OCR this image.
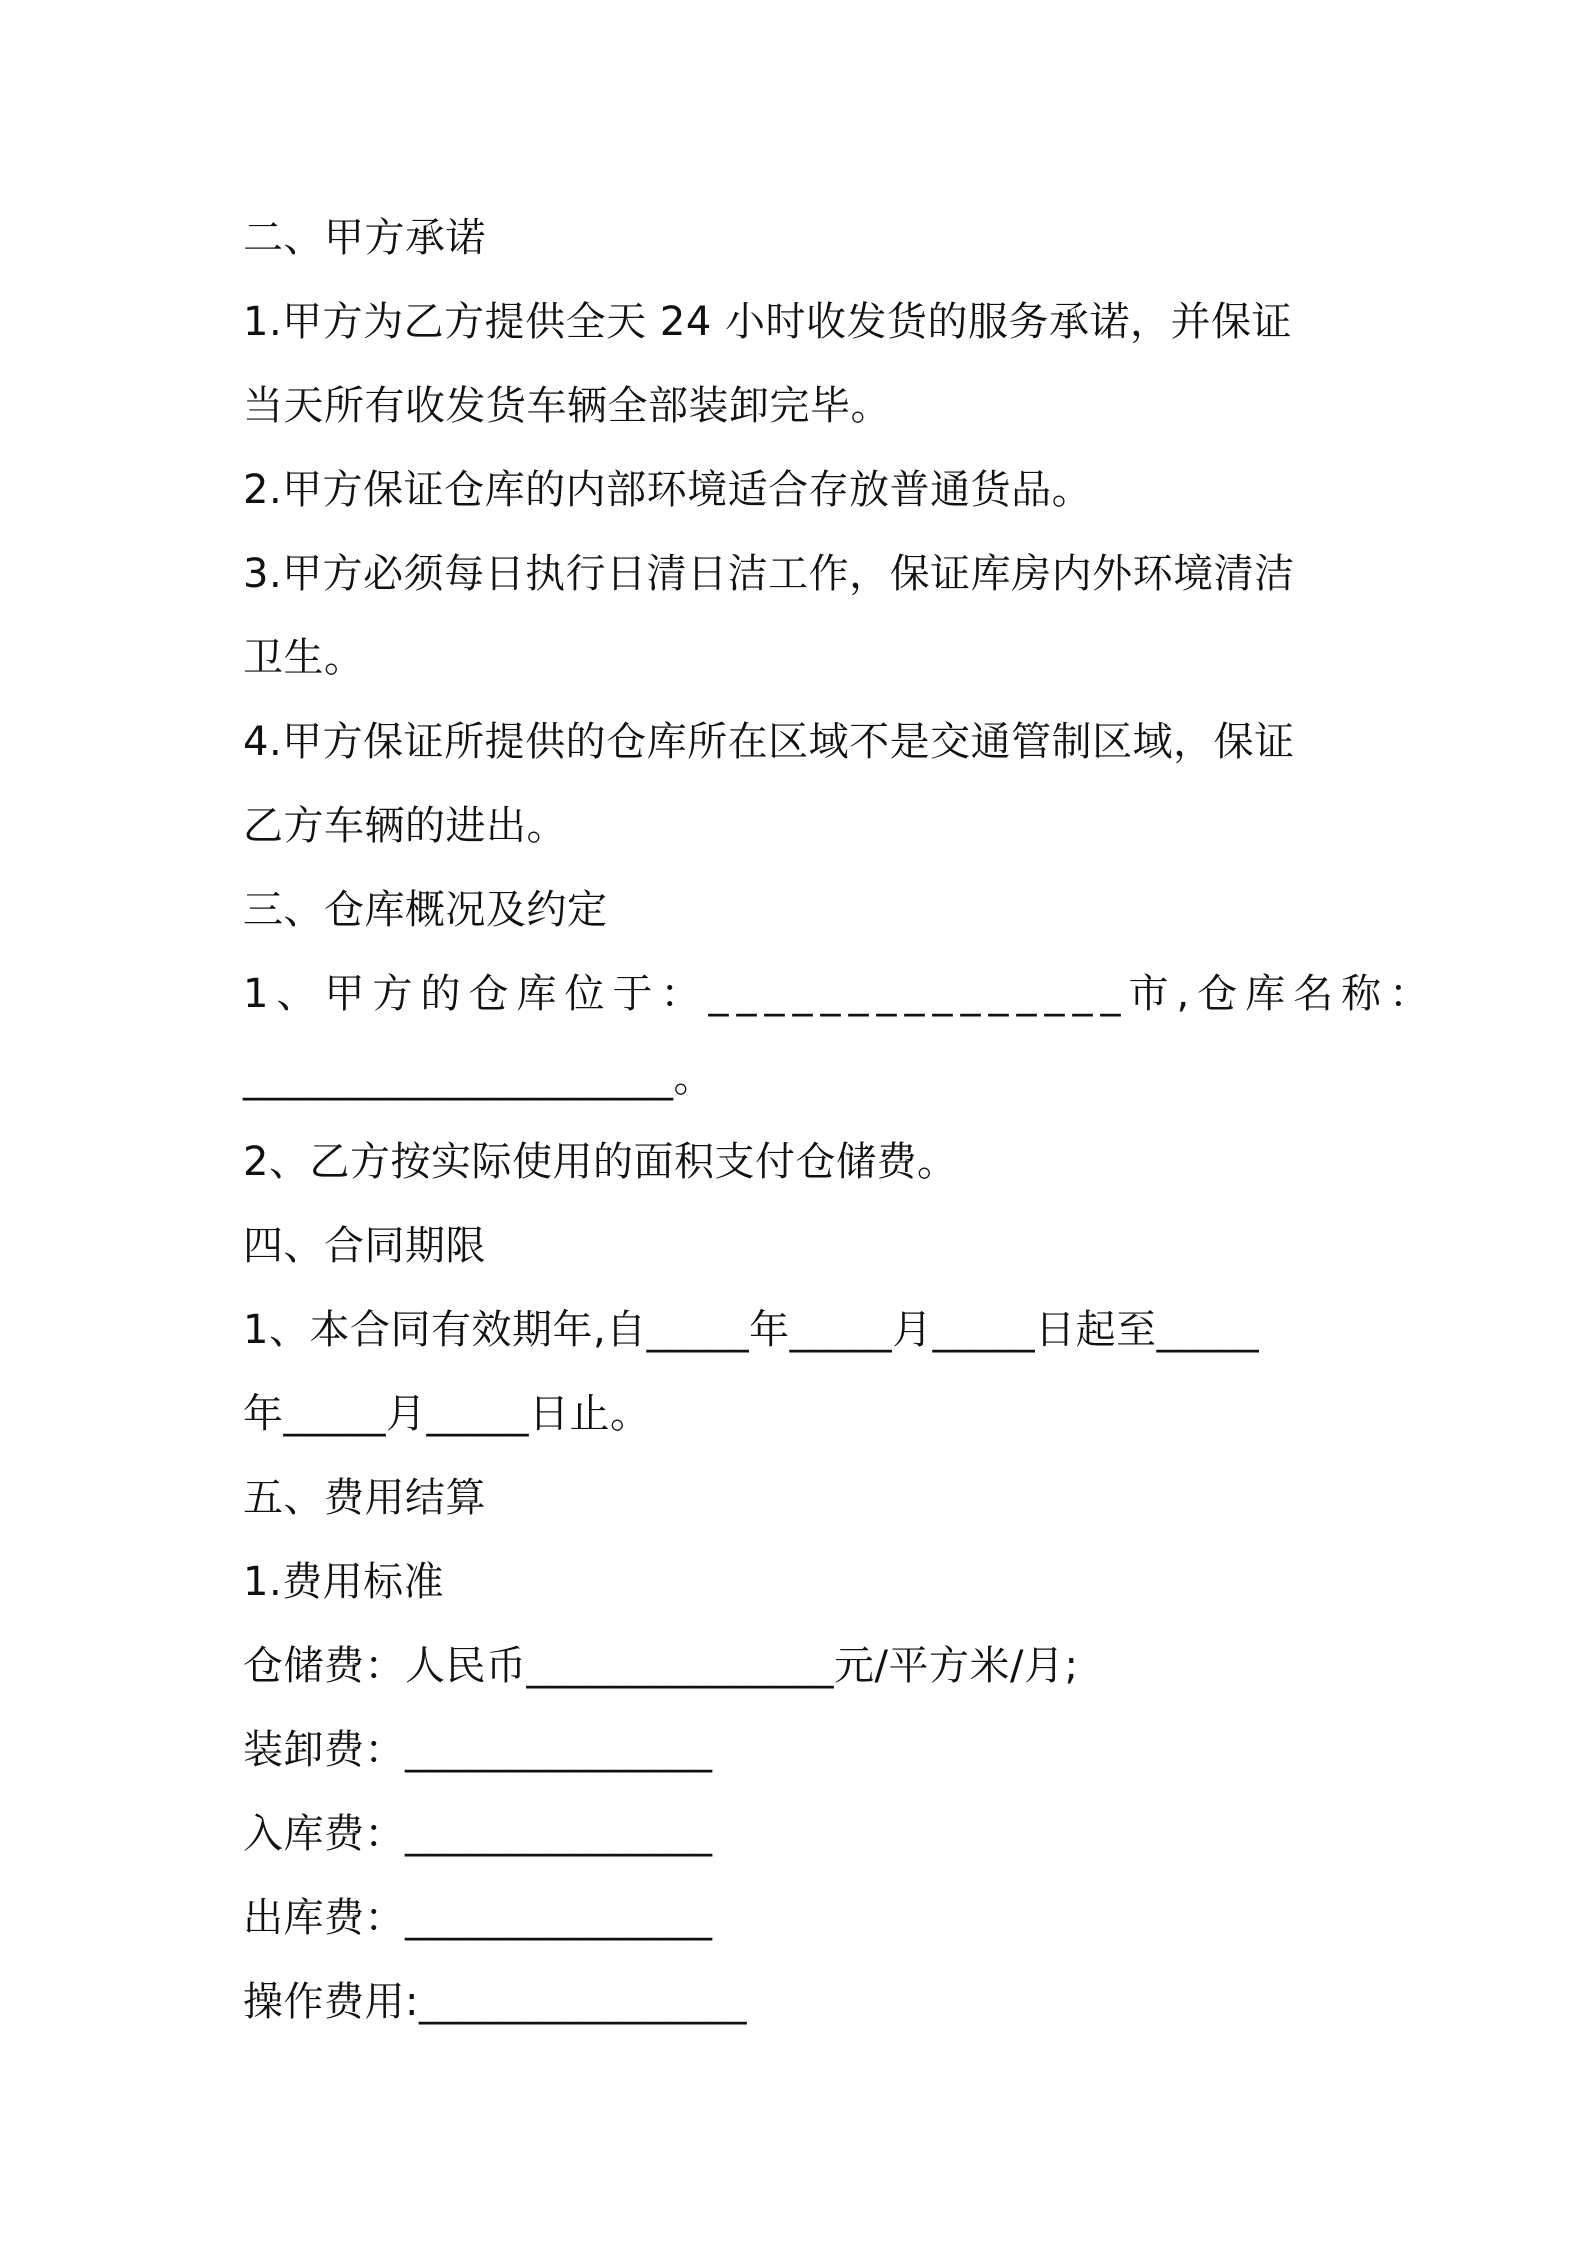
二、甲方承诺
1.甲方为乙方提供全天 24 小时收发货的服务承诺，并保证
当天所有收发货车辆全部装卸完毕。
2.甲方保证仓库的内部环境适合存放普通货品。
3.甲方必须每日执行日清日洁工作，保证库房内外环境清洁
卫生。
4.甲方保证所提供的仓库所在区域不是交通管制区域，保证
乙方车辆的进出。
三、仓库概况及约定
1、甲方的仓库位于：_______________市,仓库名称：
_____________________。
2、乙方按实际使用的面积支付仓储费。
四、合同期限
1、本合同有效期年,自_____年_____月_____日起至_____
年_____月_____日止。
五、费用结算
1.费用标准
仓储费：人民币_______________元/平方米/月;
装卸费：_______________
入库费：_______________
出库费：_______________
操作费用:________________
